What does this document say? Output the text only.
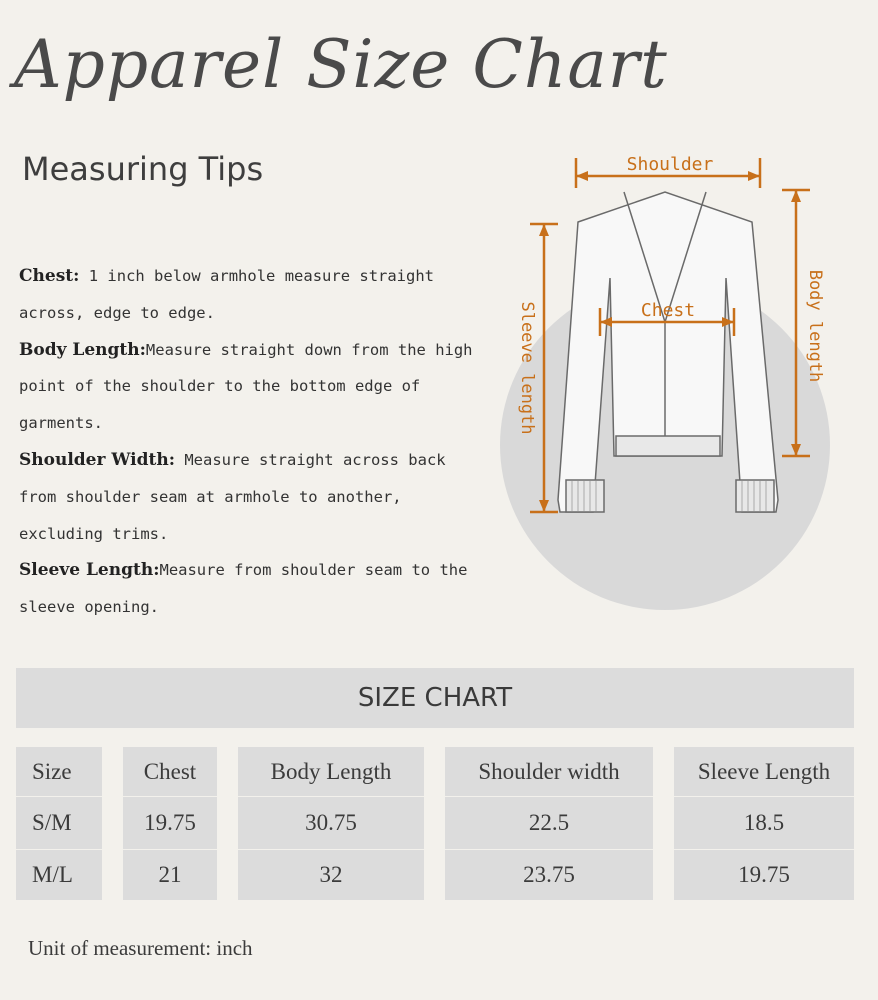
Apparel Size Chart
Measuring Tips

Chest: 1 inch below armhole measure straight across, edge to edge.

Body Length:Measure straight down from the high point of the shoulder to the bottom edge of garments.

Shoulder Width: Measure straight across back from shoulder seam at armhole to another, excluding trims.

Sleeve Length:Measure from shoulder seam to the sleeve opening.

Shoulder
Chest
Sleeve length	Body length
SIZE CHART
Size	Chest	Body Length	Shoulder width	Sleeve Length
S/M	19.75	30.75	22.5	18.5
M/L	21	32	23.75	19.75
Unit of measurement: inch
